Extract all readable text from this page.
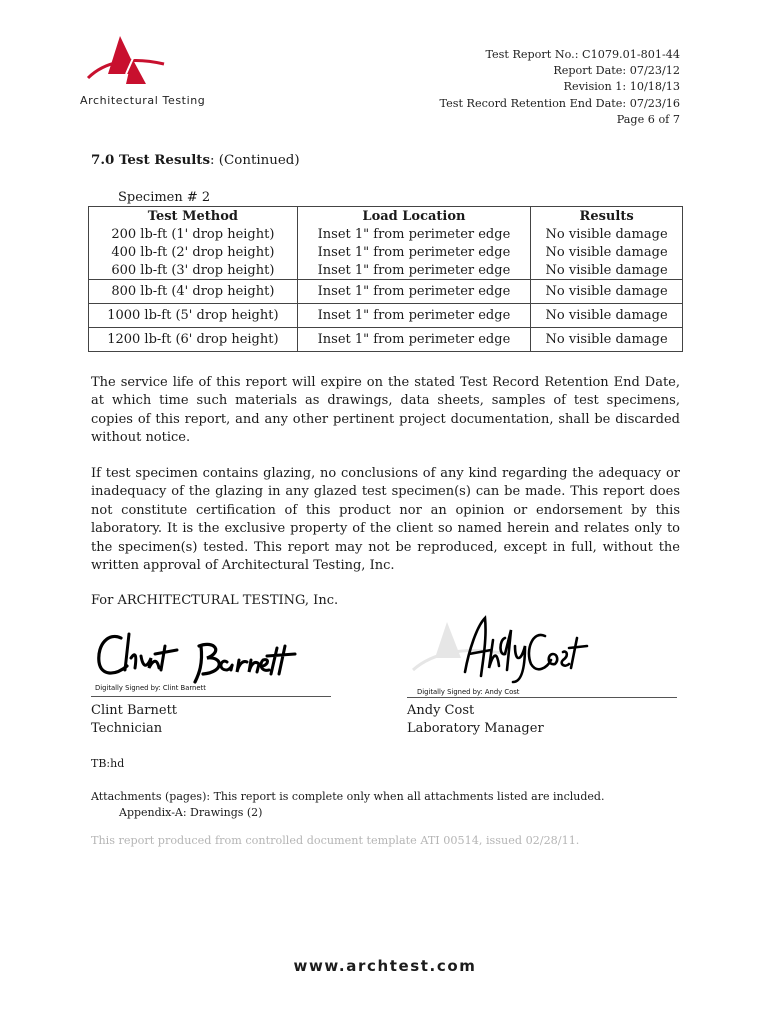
Architectural Testing
Test Report No.: C1079.01-801-44
Report Date: 07/23/12
Revision 1: 10/18/13
Test Record Retention End Date: 07/23/16
Page 6 of 7
7.0 Test Results: (Continued)
Specimen # 2
Test Method	Load Location	Results
200 lb-ft (1' drop height)	Inset 1" from perimeter edge	No visible damage
400 lb-ft (2' drop height)	Inset 1" from perimeter edge	No visible damage
600 lb-ft (3' drop height)	Inset 1" from perimeter edge	No visible damage
800 lb-ft (4' drop height)	Inset 1" from perimeter edge	No visible damage
1000 lb-ft (5' drop height)	Inset 1" from perimeter edge	No visible damage
1200 lb-ft (6' drop height)	Inset 1" from perimeter edge	No visible damage
The service life of this report will expire on the stated Test Record Retention End Date, at which time such materials as drawings, data sheets, samples of test specimens, copies of this report, and any other pertinent project documentation, shall be discarded without notice.
If test specimen contains glazing, no conclusions of any kind regarding the adequacy or inadequacy of the glazing in any glazed test specimen(s) can be made. This report does not constitute certification of this product nor an opinion or endorsement by this laboratory. It is the exclusive property of the client so named herein and relates only to the specimen(s) tested. This report may not be reproduced, except in full, without the written approval of Architectural Testing, Inc.
For ARCHITECTURAL TESTING, Inc.
Digitally Signed by: Clint Barnett
Clint Barnett
Technician
Digitally Signed by: Andy Cost
Andy Cost
Laboratory Manager
TB:hd
Attachments (pages): This report is complete only when all attachments listed are included.
Appendix-A: Drawings (2)
This report produced from controlled document template ATI 00514, issued 02/28/11.
www.archtest.com
